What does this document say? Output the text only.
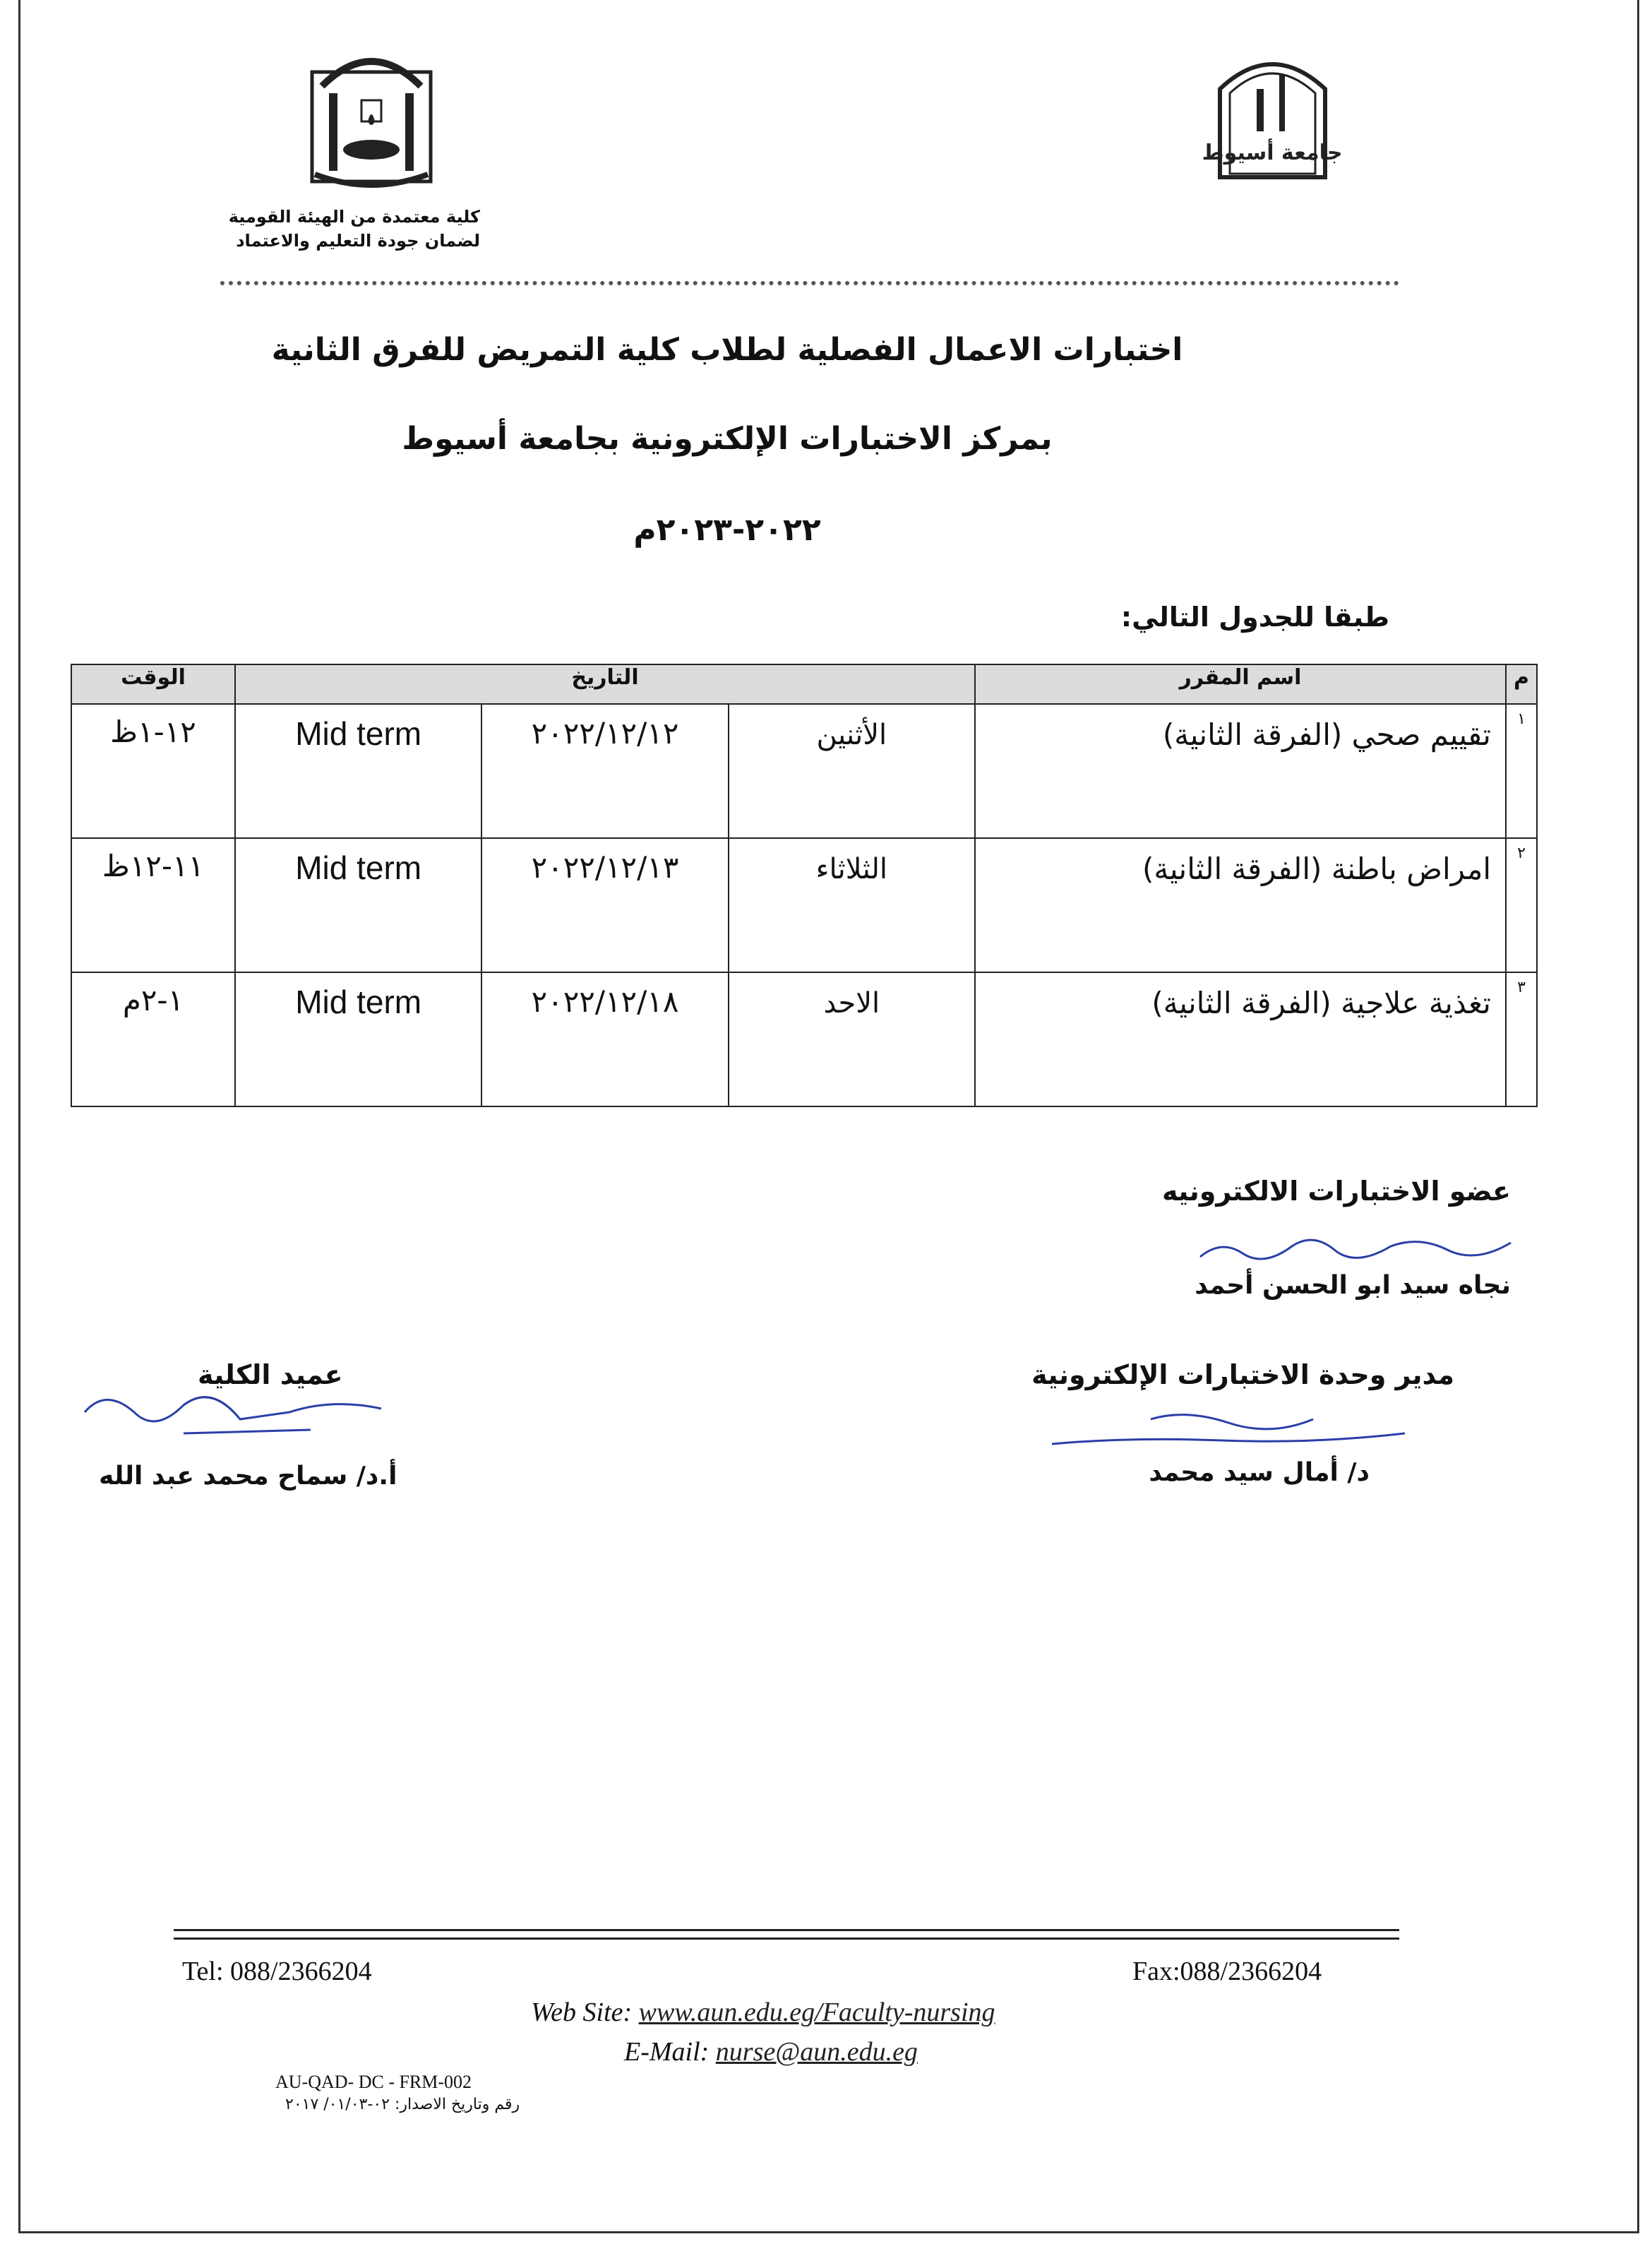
جامعة أسيوط
كلية معتمدة من الهيئة القومية
لضمان جودة التعليم والاعتماد
اختبارات الاعمال الفصلية لطلاب كلية التمريض للفرق الثانية
بمركز الاختبارات الإلكترونية بجامعة أسيوط
٢٠٢٢-٢٠٢٣م
طبقا للجدول التالي:
م	اسم المقرر	التاريخ			الوقت
١	تقييم صحي (الفرقة الثانية)	الأثنين	٢٠٢٢/١٢/١٢	Mid term	١٢-١ظ
٢	امراض باطنة (الفرقة الثانية)	الثلاثاء	٢٠٢٢/١٢/١٣	Mid term	١١-١٢ظ
٣	تغذية علاجية (الفرقة الثانية)	الاحد	٢٠٢٢/١٢/١٨	Mid term	١-٢م
عضو الاختبارات الالكترونيه
نجاه سيد ابو الحسن أحمد
مدير وحدة الاختبارات الإلكترونية
د/ أمال سيد محمد
عميد الكلية
أ.د/ سماح محمد عبد الله
Tel: 088/2366204	Fax:088/2366204
Web Site: www.aun.edu.eg/Faculty-nursing
E-Mail: nurse@aun.edu.eg
AU-QAD- DC - FRM-002
رقم وتاريخ الاصدار: ٠٢-٠١/٠٣/ ٢٠١٧
